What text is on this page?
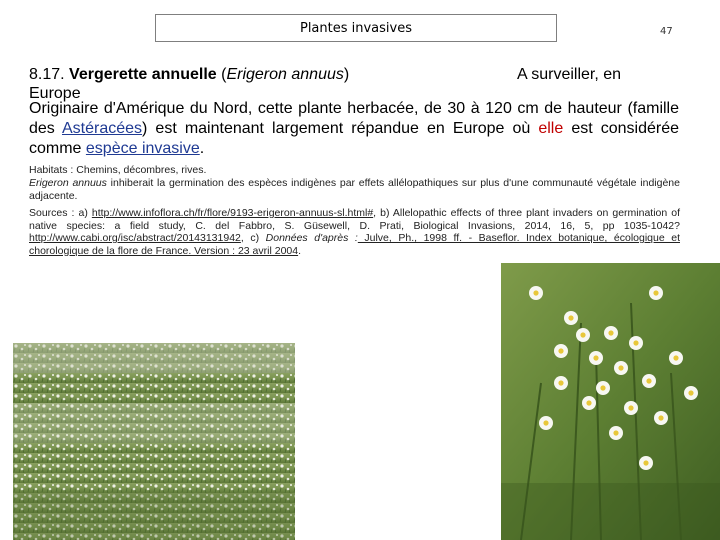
Plantes invasives	47
8.17. Vergerette annuelle (Erigeron annuus)	A surveiller, en
Europe
Originaire d'Amérique du Nord, cette plante herbacée, de 30 à 120 cm de hauteur (famille des Astéracées) est maintenant largement répandue en Europe où elle est considérée comme espèce invasive.
Habitats : Chemins, décombres, rives.
Erigeron annuus inhiberait la germination des espèces indigènes par effets allélopathiques sur plus d'une communauté végétale indigène adjacente.
Sources : a) http://www.infoflora.ch/fr/flore/9193-erigeron-annuus-sl.html#, b) Allelopathic effects of three plant invaders on germination of native species: a field study, C. del Fabbro, S. Güsewell, D. Prati, Biological Invasions, 2014, 16, 5, pp 1035-1042? http://www.cabi.org/isc/abstract/20143131942, c) Données d'après : Julve, Ph., 1998 ff. - Baseflor. Index botanique, écologique et chorologique de la flore de France. Version : 23 avril 2004.
